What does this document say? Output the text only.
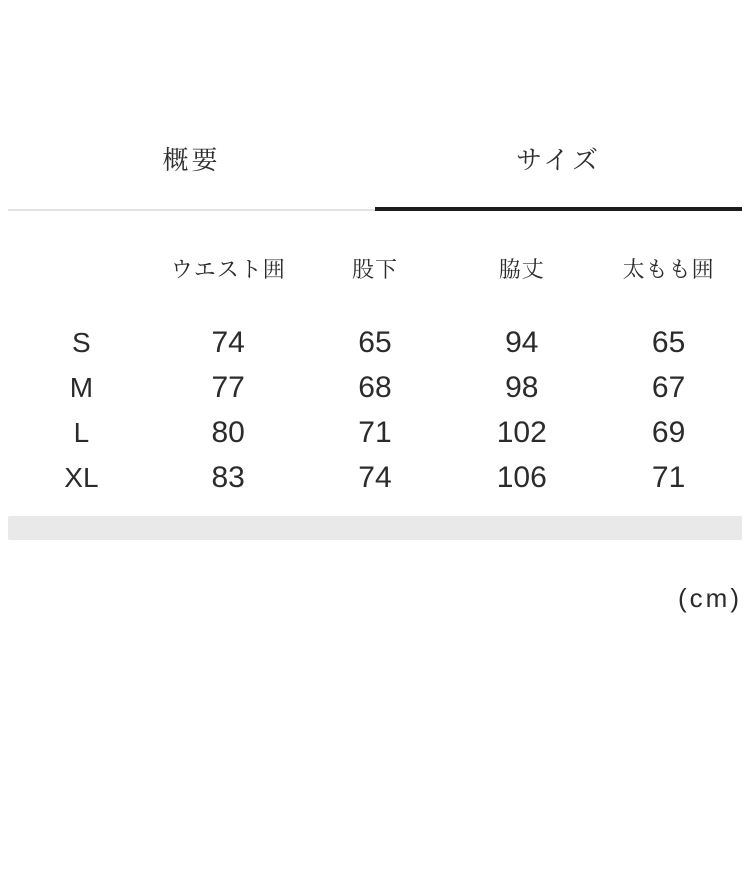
概要	サイズ
ウエスト囲	股下	脇丈	太もも囲
S	74	65	94	65
M	77	68	98	67
L	80	71	102	69
XL	83	74	106	71
(cm)
